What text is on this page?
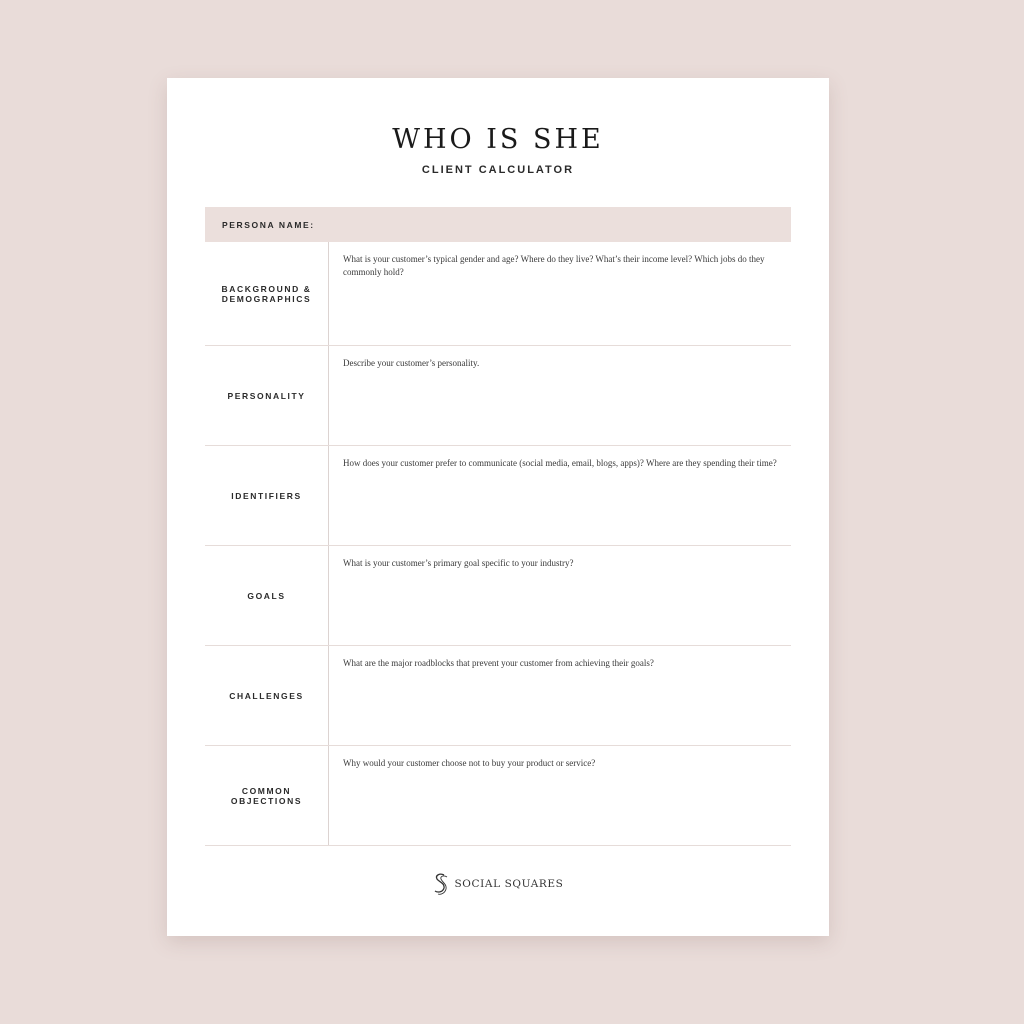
WHO IS SHE
CLIENT CALCULATOR
PERSONA NAME:
BACKGROUND &
DEMOGRAPHICS
What is your customer’s typical gender and age? Where do they live? What’s their income level? Which jobs do they commonly hold?
PERSONALITY
Describe your customer’s personality.
IDENTIFIERS
How does your customer prefer to communicate (social media, email, blogs, apps)? Where are they spending their time?
GOALS
What is your customer’s primary goal specific to your industry?
CHALLENGES
What are the major roadblocks that prevent your customer from achieving their goals?
COMMON
OBJECTIONS
Why would your customer choose not to buy your product or service?
SOCIAL SQUARES
